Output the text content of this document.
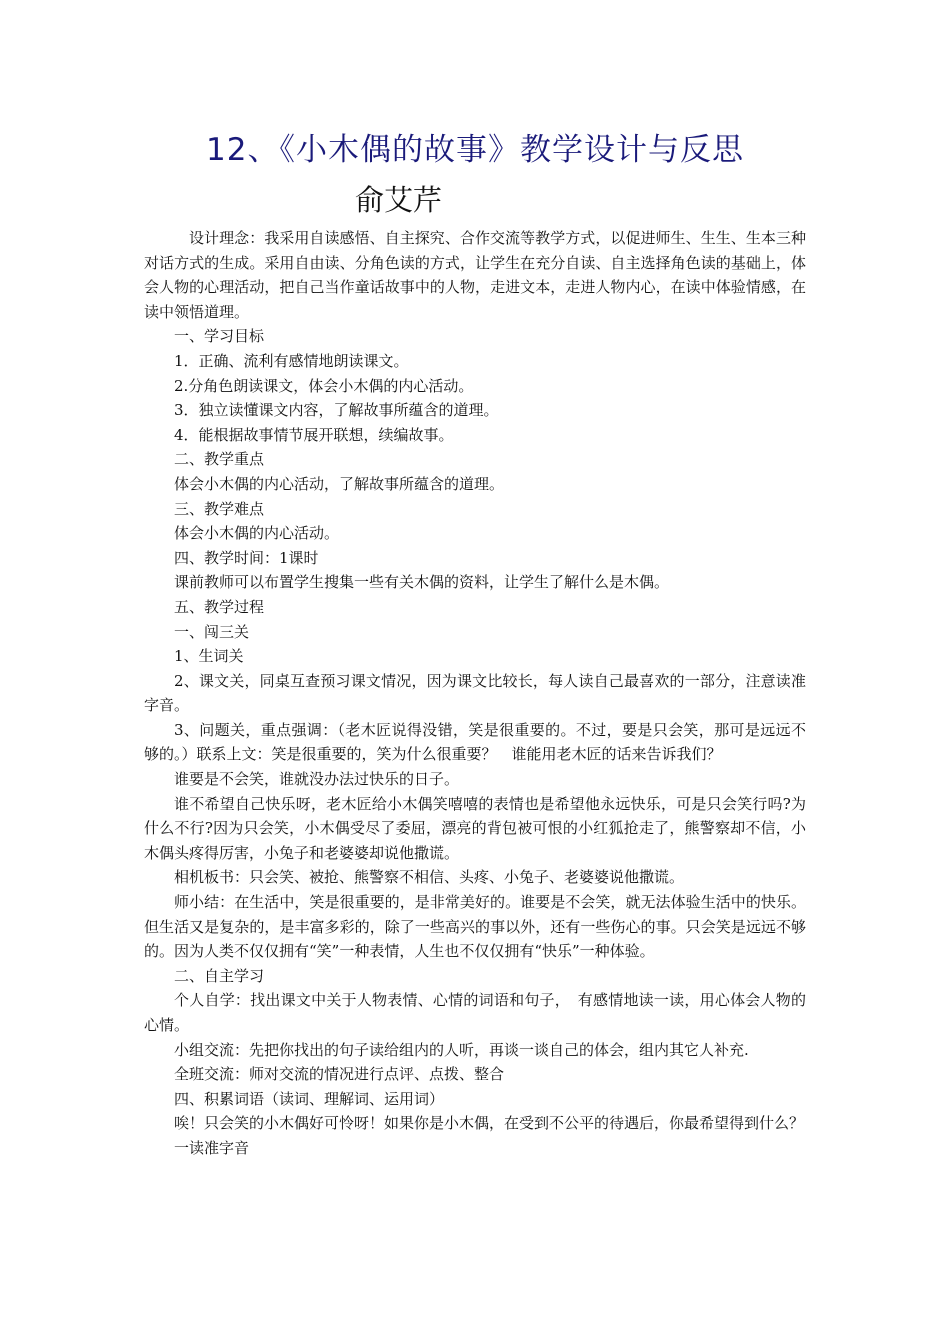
12、《小木偶的故事》教学设计与反思
俞艾芹

设计理念：我采用自读感悟、自主探究、合作交流等教学方式，以促进师生、生生、生本三种对话方式的生成。采用自由读、分角色读的方式，让学生在充分自读、自主选择角色读的基础上，体会人物的心理活动，把自己当作童话故事中的人物，走进文本，走进人物内心，在读中体验情感，在读中领悟道理。

一、学习目标

1．正确、流利有感情地朗读课文。

2.分角色朗读课文，体会小木偶的内心活动。

3．独立读懂课文内容，了解故事所蕴含的道理。

4．能根据故事情节展开联想，续编故事。

二、教学重点

体会小木偶的内心活动，了解故事所蕴含的道理。

三、教学难点

体会小木偶的内心活动。

四、教学时间：1课时

课前教师可以布置学生搜集一些有关木偶的资料，让学生了解什么是木偶。

五、教学过程

一、闯三关

1、生词关

2、课文关，同桌互查预习课文情况，因为课文比较长，每人读自己最喜欢的一部分，注意读准字音。

3、问题关，重点强调：（老木匠说得没错，笑是很重要的。不过，要是只会笑，那可是远远不够的。）联系上文：笑是很重要的，笑为什么很重要？　谁能用老木匠的话来告诉我们？

谁要是不会笑，谁就没办法过快乐的日子。

谁不希望自己快乐呀，老木匠给小木偶笑嘻嘻的表情也是希望他永远快乐，可是只会笑行吗?为什么不行?因为只会笑，小木偶受尽了委屈，漂亮的背包被可恨的小红狐抢走了，熊警察却不信，小木偶头疼得厉害，小兔子和老婆婆却说他撒谎。

相机板书：只会笑、被抢、熊警察不相信、头疼、小兔子、老婆婆说他撒谎。

师小结：在生活中，笑是很重要的，是非常美好的。谁要是不会笑，就无法体验生活中的快乐。但生活又是复杂的，是丰富多彩的，除了一些高兴的事以外，还有一些伤心的事。只会笑是远远不够的。因为人类不仅仅拥有“笑”一种表情，人生也不仅仅拥有“快乐”一种体验。

二、自主学习

个人自学：找出课文中关于人物表情、心情的词语和句子，　有感情地读一读，用心体会人物的心情。

小组交流：先把你找出的句子读给组内的人听，再谈一谈自己的体会，组内其它人补充.

全班交流：师对交流的情况进行点评、点拨、整合

四、积累词语（读词、理解词、运用词）

唉！只会笑的小木偶好可怜呀！如果你是小木偶，在受到不公平的待遇后，你最希望得到什么？

一读准字音
